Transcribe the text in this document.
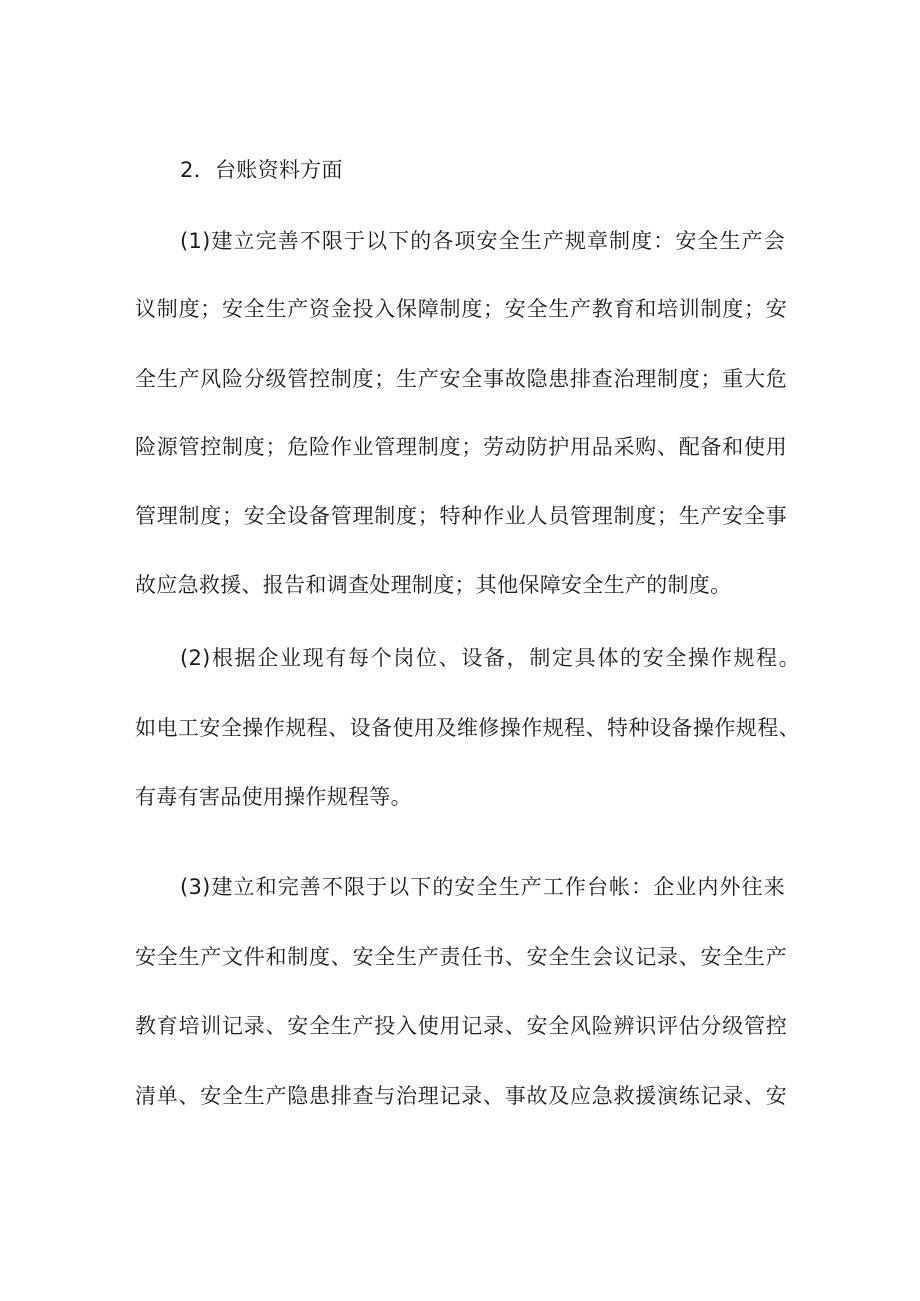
2．台账资料方面
(1)建立完善不限于以下的各项安全生产规章制度：安全生产会
议制度；安全生产资金投入保障制度；安全生产教育和培训制度；安
全生产风险分级管控制度；生产安全事故隐患排查治理制度；重大危
险源管控制度；危险作业管理制度；劳动防护用品采购、配备和使用
管理制度；安全设备管理制度；特种作业人员管理制度；生产安全事
故应急救援、报告和调查处理制度；其他保障安全生产的制度。
(2)根据企业现有每个岗位、设备，制定具体的安全操作规程。
如电工安全操作规程、设备使用及维修操作规程、特种设备操作规程、
有毒有害品使用操作规程等。
(3)建立和完善不限于以下的安全生产工作台帐：企业内外往来
安全生产文件和制度、安全生产责任书、安全生会议记录、安全生产
教育培训记录、安全生产投入使用记录、安全风险辨识评估分级管控
清单、安全生产隐患排查与治理记录、事故及应急救援演练记录、安
